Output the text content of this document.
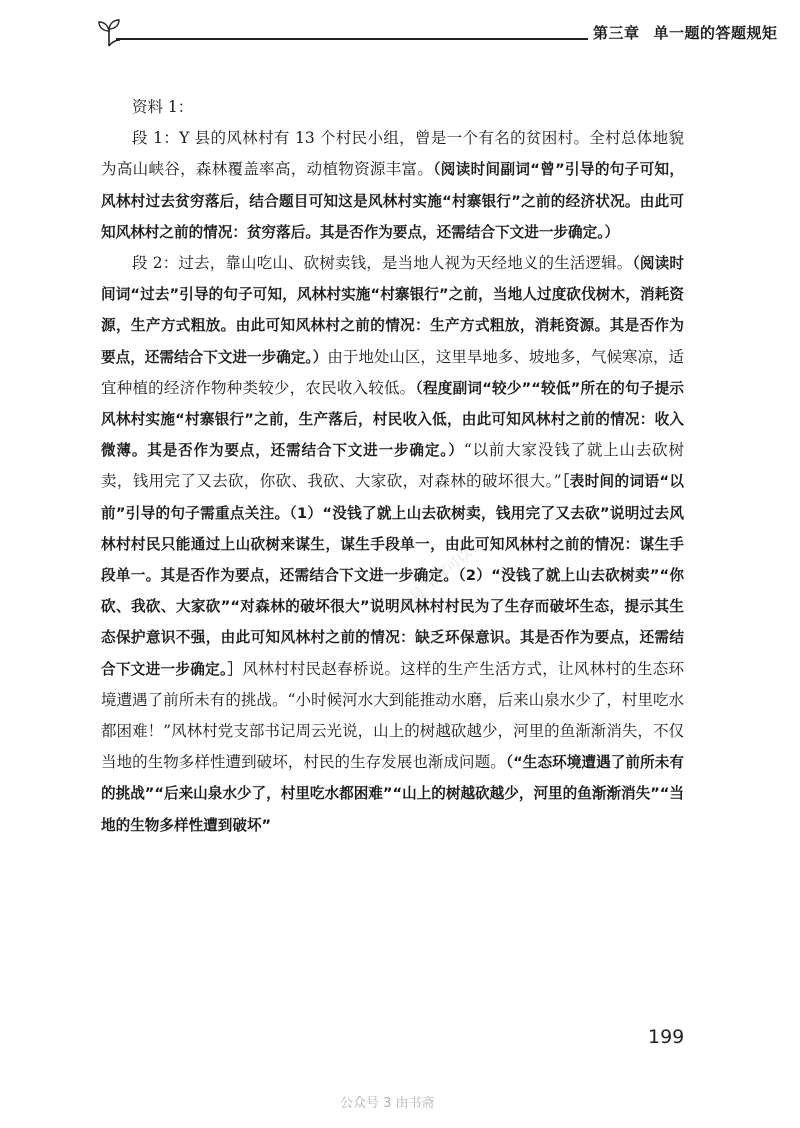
第三章 单一题的答题规矩

资料 1：

段 1：Y 县的风林村有 13 个村民小组，曾是一个有名的贫困村。全村总体地貌为高山峡谷，森林覆盖率高，动植物资源丰富。（阅读时间副词“曾”引导的句子可知，风林村过去贫穷落后，结合题目可知这是风林村实施“村寨银行”之前的经济状况。由此可知风林村之前的情况：贫穷落后。其是否作为要点，还需结合下文进一步确定。）

段 2：过去，靠山吃山、砍树卖钱，是当地人视为天经地义的生活逻辑。（阅读时间词“过去”引导的句子可知，风林村实施“村寨银行”之前，当地人过度砍伐树木，消耗资源，生产方式粗放。由此可知风林村之前的情况：生产方式粗放，消耗资源。其是否作为要点，还需结合下文进一步确定。）由于地处山区，这里旱地多、坡地多，气候寒凉，适宜种植的经济作物种类较少，农民收入较低。（程度副词“较少”“较低”所在的句子提示风林村实施“村寨银行”之前，生产落后，村民收入低，由此可知风林村之前的情况：收入微薄。其是否作为要点，还需结合下文进一步确定。）“以前大家没钱了就上山去砍树卖，钱用完了又去砍，你砍、我砍、大家砍，对森林的破坏很大。”［表时间的词语“以前”引导的句子需重点关注。（1）“没钱了就上山去砍树卖，钱用完了又去砍”说明过去风林村村民只能通过上山砍树来谋生，谋生手段单一，由此可知风林村之前的情况：谋生手段单一。其是否作为要点，还需结合下文进一步确定。（2）“没钱了就上山去砍树卖”“你砍、我砍、大家砍”“对森林的破坏很大”说明风林村村民为了生存而破坏生态，提示其生态保护意识不强，由此可知风林村之前的情况：缺乏环保意识。其是否作为要点，还需结合下文进一步确定。］风林村村民赵春桥说。这样的生产生活方式，让风林村的生态环境遭遇了前所未有的挑战。“小时候河水大到能推动水磨，后来山泉水少了，村里吃水都困难！”风林村党支部书记周云光说，山上的树越砍越少，河里的鱼渐渐消失，不仅当地的生物多样性遭到破坏，村民的生存发展也渐成问题。（“生态环境遭遇了前所未有的挑战”“后来山泉水少了，村里吃水都困难”“山上的树越砍越少，河里的鱼渐渐消失”“当地的生物多样性遭到破坏”

199
众号 书库可以看
公众号 3 由书斋
